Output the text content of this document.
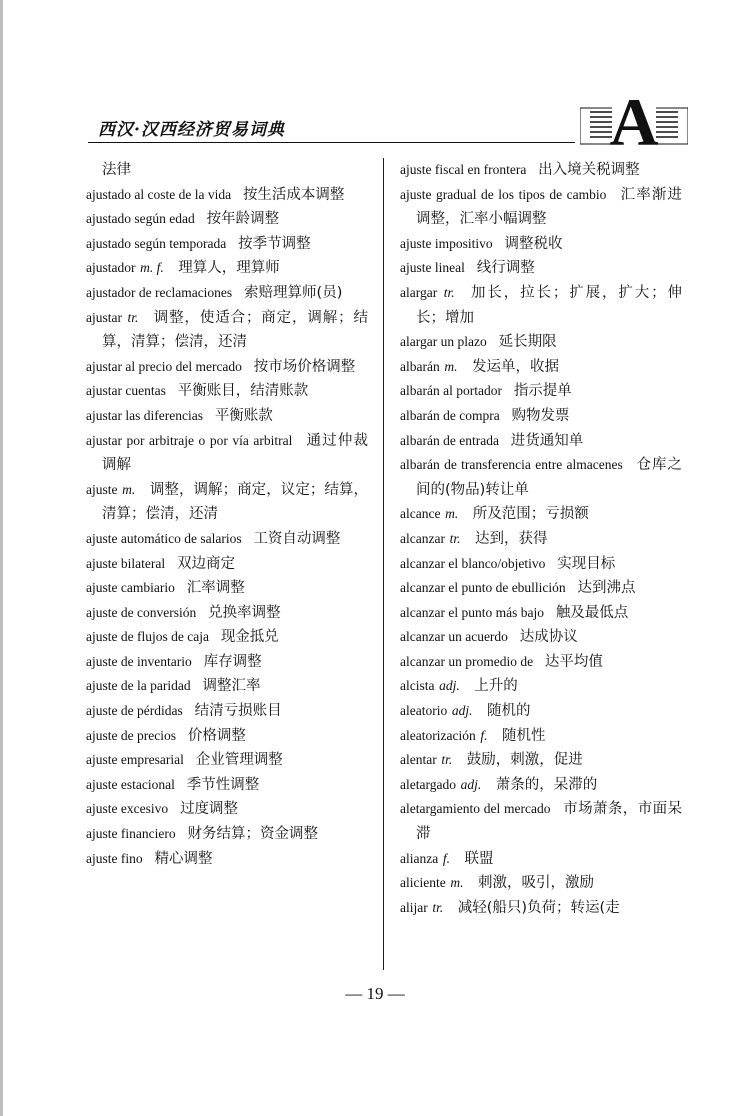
西汉·汉西经济贸易词典	A
法律
ajustado al coste de la vida   按生活成本调整
ajustado según edad   按年龄调整
ajustado según temporada   按季节调整
ajustador m. f.  理算人，理算师
ajustador de reclamaciones   索赔理算师(员)
ajustar tr.  调整，使适合；商定，调解；结算，清算；偿清，还清
ajustar al precio del mercado   按市场价格调整
ajustar cuentas   平衡账目，结清账款
ajustar las diferencias   平衡账款
ajustar por arbitraje o por vía arbitral   通过仲裁调解
ajuste m.  调整，调解；商定，议定；结算，清算；偿清，还清
ajuste automático de salarios   工资自动调整
ajuste bilateral   双边商定
ajuste cambiario   汇率调整
ajuste de conversión   兑换率调整
ajuste de flujos de caja   现金抵兑
ajuste de inventario   库存调整
ajuste de la paridad   调整汇率
ajuste de pérdidas   结清亏损账目
ajuste de precios   价格调整
ajuste empresarial   企业管理调整
ajuste estacional   季节性调整
ajuste excesivo   过度调整
ajuste financiero   财务结算；资金调整
ajuste fino   精心调整
ajuste fiscal en frontera   出入境关税调整
ajuste gradual de los tipos de cambio   汇率渐进调整，汇率小幅调整
ajuste impositivo   调整税收
ajuste lineal   线行调整
alargar tr.  加长，拉长；扩展，扩大；伸长；增加
alargar un plazo   延长期限
albarán m.  发运单，收据
albarán al portador   指示提单
albarán de compra   购物发票
albarán de entrada   进货通知单
albarán de transferencia entre almacenes   仓库之间的(物品)转让单
alcance m.  所及范围；亏损额
alcanzar tr.  达到，获得
alcanzar el blanco/objetivo   实现目标
alcanzar el punto de ebullición   达到沸点
alcanzar el punto más bajo   触及最低点
alcanzar un acuerdo   达成协议
alcanzar un promedio de   达平均值
alcista adj.  上升的
aleatorio adj.  随机的
aleatorización f.  随机性
alentar tr.  鼓励，刺激，促进
aletargado adj.  萧条的，呆滞的
aletargamiento del mercado   市场萧条，市面呆滞
alianza f.  联盟
aliciente m.  刺激，吸引，激励
alijar tr.  减轻(船只)负荷；转运(走
— 19 —
